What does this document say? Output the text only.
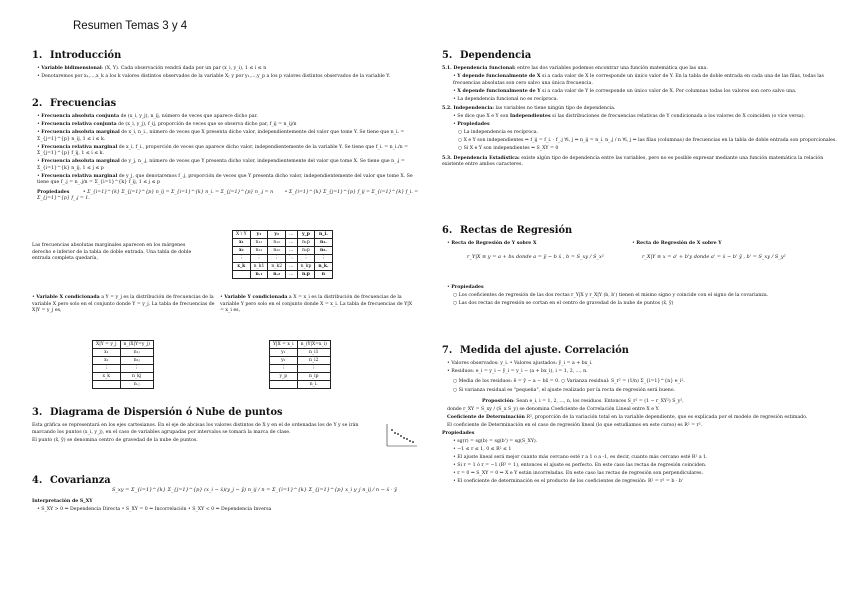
Resumen Temas 3 y 4
1. Introducción
• Variable bidimensional: (X, Y). Cada observación vendrá dada por un par (x_i, y_i), 1 ≤ i ≤ n
• Denotaremos por x₁,...,x_k a los k valores distintos observados de la variable X; y por y₁,...,y_p a los p valores distintos observados de la variable Y.
2. Frecuencias
• Frecuencia absoluta conjunta de (x_i, y_j), n_ij, número de veces que aparece dicho par.
• Frecuencia relativa conjunta de (x_i, y_j), f_ij, proporción de veces que se observa dicho par, f_ij = n_ij/n
• Frecuencia absoluta marginal de x_i, n_i., número de veces que X presenta dicho valor, independientemente del valor que tome Y. Se tiene que n_i. = Σ_{j=1}^{p} n_ij, 1 ≤ i ≤ k.
• Frecuencia relativa marginal de x_i, f_i., proporción de veces que aparece dicho valor, independientemente de la variable Y. Se tiene que f_i. = n_i./n = Σ_{j=1}^{p} f_ij, 1 ≤ i ≤ k.
• Frecuencia absoluta marginal de y_j, n_.j, número de veces que Y presenta dicho valor, independientemente del valor que tome X. Se tiene que n_.j = Σ_{i=1}^{k} n_ij, 1 ≤ j ≤ p
• Frecuencia relativa marginal de y_j, que denotaremos f_.j, proporción de veces que Y presenta dicho valor, independientemente del valor que tome X. Se tiene que f_.j = n_.j/n = Σ_{i=1}^{k} f_ij, 1 ≤ j ≤ p
Propiedades	• Σ_{i=1}^{k} Σ_{j=1}^{p} n_ij = Σ_{i=1}^{k} n_i. = Σ_{j=1}^{p} n_.j = n • Σ_{i=1}^{k} Σ_{j=1}^{p} f_ij = Σ_{i=1}^{k} f_i. = Σ_{j=1}^{p} f_.j = 1.
Las frecuencias absolutas marginales aparecen en los márgenes derecho e inferior de la tabla de doble entrada. Una tabla de doble entrada completa quedaría,
X \ Y	y₁	y₂	...	y_p	n_i.
x₁	n₁₁	n₁₂	...	n₁p	n₁.
x₂	n₂₁	n₂₂	...	n₂p	n₂.
⋮	⋮	⋮	⋱	⋮	⋮
x_k	n_k1	n_k2	...	n_kp	n_k.
	n.₁	n.₂	...	n.p	n
• Variable X condicionada a Y = y_j es la distribución de frecuencias de la variable X pero solo en el conjunto donde Y = y_j. La tabla de frecuencias de X|Y = y_j es,
• Variable Y condicionada a X = x_i es la distribución de frecuencias de la variable Y pero solo en el conjunto donde X = x_i. La tabla de frecuencias de Y|X = x_i es,
X|Y = y_j	n_(X|Y=y_j)
x₁	n₁ⱼ
x₂	n₂ⱼ
⋮	⋮
x_k	n_kj
	n.ⱼ
Y|X = x_i	n_(Y|X=x_i)
y₁	n_i1
y₂	n_i2
⋮	⋮
y_p	n_ip
	n_i.
3. Diagrama de Dispersión ó Nube de puntos
Esta gráfica se representará en los ejes cartesianos. En el eje de abcisas los valores distintos de X y en el de ordenadas los de Y y se irán marcando los puntos (x_i, y_j), en el caso de variables agrupadas por intervalos se tomará la marca de clase.
El punto (x̄, ȳ) se denomina centro de gravedad de la nube de puntos.
4. Covarianza
S_xy = Σ_{i=1}^{k} Σ_{j=1}^{p} (x_i − x̄)(y_j − ȳ) n_ij / n = Σ_{i=1}^{k} Σ_{j=1}^{p} x_i y_j n_ij / n − x̄ · ȳ
Interpretación de S_XY
• S_XY > 0 ⇒ Dependencia Directa • S_XY = 0 ⇒ Incorrelación • S_XY < 0 ⇒ Dependencia Inversa
5. Dependencia
5.1. Dependencia funcional: entre las dos variables podemos encontrar una función matemática que las una.
• Y depende funcionalmente de X si a cada valor de X le corresponde un único valor de Y. En la tabla de doble entrada en cada una de las filas, todas las frecuencias absolutas son cero salvo una única frecuencia.
• X depende funcionalmente de Y si a cada valor de Y le corresponde un único valor de X. Por columnas todas los valores son cero salvo una.
• La dependencia funcional no es recíproca.
5.2. Independencia: las variables no tiene ningún tipo de dependencia.
• Se dice que X e Y son Independientes si las distribuciones de frecuencias relativas de Y condicionada a los valores de X coinciden (o vice versa).
• Propiedades
○ La independencia es recíproca.
○ X e Y son independientes ⇔ f_ij = f_i. · f_.j ∀i, j ⇔ n_ij = n_i. n_.j / n ∀i, j ⇔ las filas (columnas) de frecuencias en la tabla de doble entrada son proporcionales.
○ Si X e Y son independientes ⇒ S_XY = 0
5.3. Dependencia Estadística: existe algún tipo de dependencia entre las variables, pero no es posible expresar mediante una función matemática la relación existente entre ambos caracteres.
6. Rectas de Regresión
• Recta de Regresión de Y sobre X
r_Y|X ≡ y = a + bx donde a = ȳ − b x̄ , b = S_xy / S_x²
• Recta de Regresión de X sobre Y
r_X|Y ≡ x = a' + b'y donde a' = x̄ − b' ȳ , b' = S_xy / S_y²
• Propiedades
○ Los coeficientes de regresión de las dos rectas r_Y|X y r_X|Y (b, b') tienen el mismo signo y coincide con el signo de la covarianza.
○ Las dos rectas de regresión se cortan en el centro de gravedad de la nube de puntos (x̄, ȳ)
7. Medida del ajuste. Correlación
• Valores observados: y_i. • Valores ajustados: ŷ_i = a + bx_i.
• Residuos: e_i = y_i − ŷ_i = y_i − (a + bx_i), i = 1, 2, ..., n.
○ Media de los residuos: ē = ȳ − a − bx̄ = 0. ○ Varianza residual: S_r² = (1/n) Σ_{i=1}^{n} e_i².
○ Si varianza residual es "pequeña", el ajuste realizado por la recta de regresión será bueno.
Proposición: Sean e_i, i = 1, 2, ..., n, los residuos. Entonces S_r² = (1 − r_XY²) S_y²,
donde r_XY = S_xy / (S_x S_y) se denomina Coeficiente de Correlación Lineal entre X e Y.
Coeficiente de Determinación R², proporción de la variación total en la variable dependiente, que es explicada por el modelo de regresión estimado.
El coeficiente de Determinación en el caso de regresión lineal (lo que estudiamos en este curso) es R² = r².
Propiedades
• sg(r) = sg(b) = sg(b') = sg(S_XY).
• −1 ≤ r ≤ 1, 0 ≤ R² ≤ 1
• El ajuste lineal será mejor cuanto más cercano esté r a 1 o a -1, es decir, cuanto más cercano esté R² a 1.
• Si r = 1 ó r = −1 (R² = 1), entonces el ajuste es perfecto. En este caso las rectas de regresión coinciden.
• r = 0 ⇒ S_XY = 0 ⇔ X e Y están incorreladas. En este caso las rectas de regresión son perpendiculares.
• El coeficiente de determinación es el producto de los coeficientes de regresión: R² = r² = b · b'
